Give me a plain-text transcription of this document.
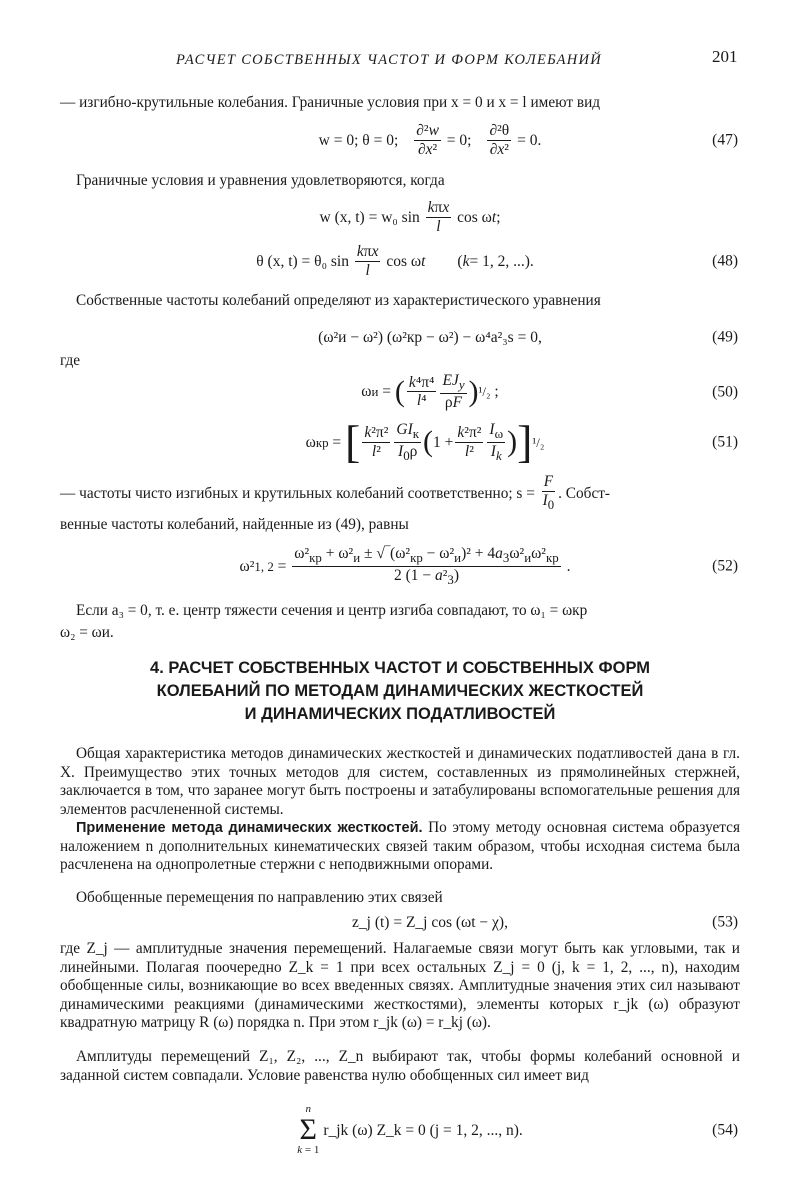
РАСЧЕТ СОБСТВЕННЫХ ЧАСТОТ И ФОРМ КОЛЕБАНИЙ	201
— изгибно-крутильные колебания. Граничные условия при x = 0 и x = l имеют вид
w = 0; θ = 0; $\frac{\text{∂²w}}{\text{∂x²}} = 0$; $\frac{\text{∂²θ}}{\text{∂x²}} = 0$.	(47)
Граничные условия и уравнения удовлетворяются, когда
w (x, t) = w₀ sin
$\frac{\text{kπx}}{l}$ cos ω t ;
θ (x, t) = θ₀ sin
$\frac{\text{kπx}}{l}$ cos ω t ( k = 1, 2, ...).	(48)
Собственные частоты колебаний определяют из характеристического уравнения
(ω²и − ω²) (ω²кр − ω²) − ω⁴a²₃s = 0,	(49)
где
ω и = ( $\frac{\text{k⁴π⁴}}{\text{l⁴}} \frac{EJ_y}{\rho F}$ ) ¹/₂ ;	(50)
ω кр = [ $\frac{\text{k²π²}}{\text{l²}} \frac{GI_к}{I_0\rho}$ ( $1 + \frac{\text{k²π²}}{\text{l²}} \frac{I_\omega}{I_k}$ ) ] ¹/₂	(51)
— частоты чисто изгибных и крутильных колебаний соответственно; s =
$\frac{F}{I_0}$ . Собст-
венные частоты колебаний, найденные из (49), равны
ω² 1, $2 = \frac{\omega^2_{кр} + \omega^2_и \pm √‾(\omega^2_{кр} - \omega^2_и)^2 + 4a_3\omega^2_и\omega^2_{кр}}{2 (1 - a^2_3)}$ .	(52)
Если a₃ = 0, т. е. центр тяжести сечения и центр изгиба совпадают, то ω₁ = ωкр
ω₂ = ωи.
4. РАСЧЕТ СОБСТВЕННЫХ ЧАСТОТ И СОБСТВЕННЫХ ФОРМ
КОЛЕБАНИЙ ПО МЕТОДАМ ДИНАМИЧЕСКИХ ЖЕСТКОСТЕЙ
И ДИНАМИЧЕСКИХ ПОДАТЛИВОСТЕЙ
Общая характеристика методов динамических жесткостей и динамических податливостей дана в гл. X. Преимущество этих точных методов для систем, составленных из прямолинейных стержней, заключается в том, что заранее могут быть построены и затабулированы вспомогательные решения для элементов расчлененной системы.
Применение метода динамических жесткостей. По этому методу основная система образуется наложением n дополнительных кинематических связей таким образом, чтобы исходная система была расчленена на однопролетные стержни с неподвижными опорами.
Обобщенные перемещения по направлению этих связей
z_j (t) = Z_j cos (ωt − χ),	(53)
где Z_j — амплитудные значения перемещений. Налагаемые связи могут быть как угловыми, так и линейными. Полагая поочередно Z_k = 1 при всех остальных Z_j = 0 (j, k = 1, 2, ..., n), находим обобщенные силы, возникающие во всех введенных связях. Амплитудные значения этих сил называют динамическими реакциями (динамическими жесткостями), элементы которых r_jk (ω) образуют квадратную матрицу R (ω) порядка n. При этом r_jk (ω) = r_kj (ω).
Амплитуды перемещений Z₁, Z₂, ..., Z_n выбирают так, чтобы формы колебаний основной и заданной систем совпадали. Условие равенства нулю обобщенных сил имеет вид
n
Σ
k = 1
r_jk (ω) Z_k = 0 (j = 1, 2, ..., n).	(54)
